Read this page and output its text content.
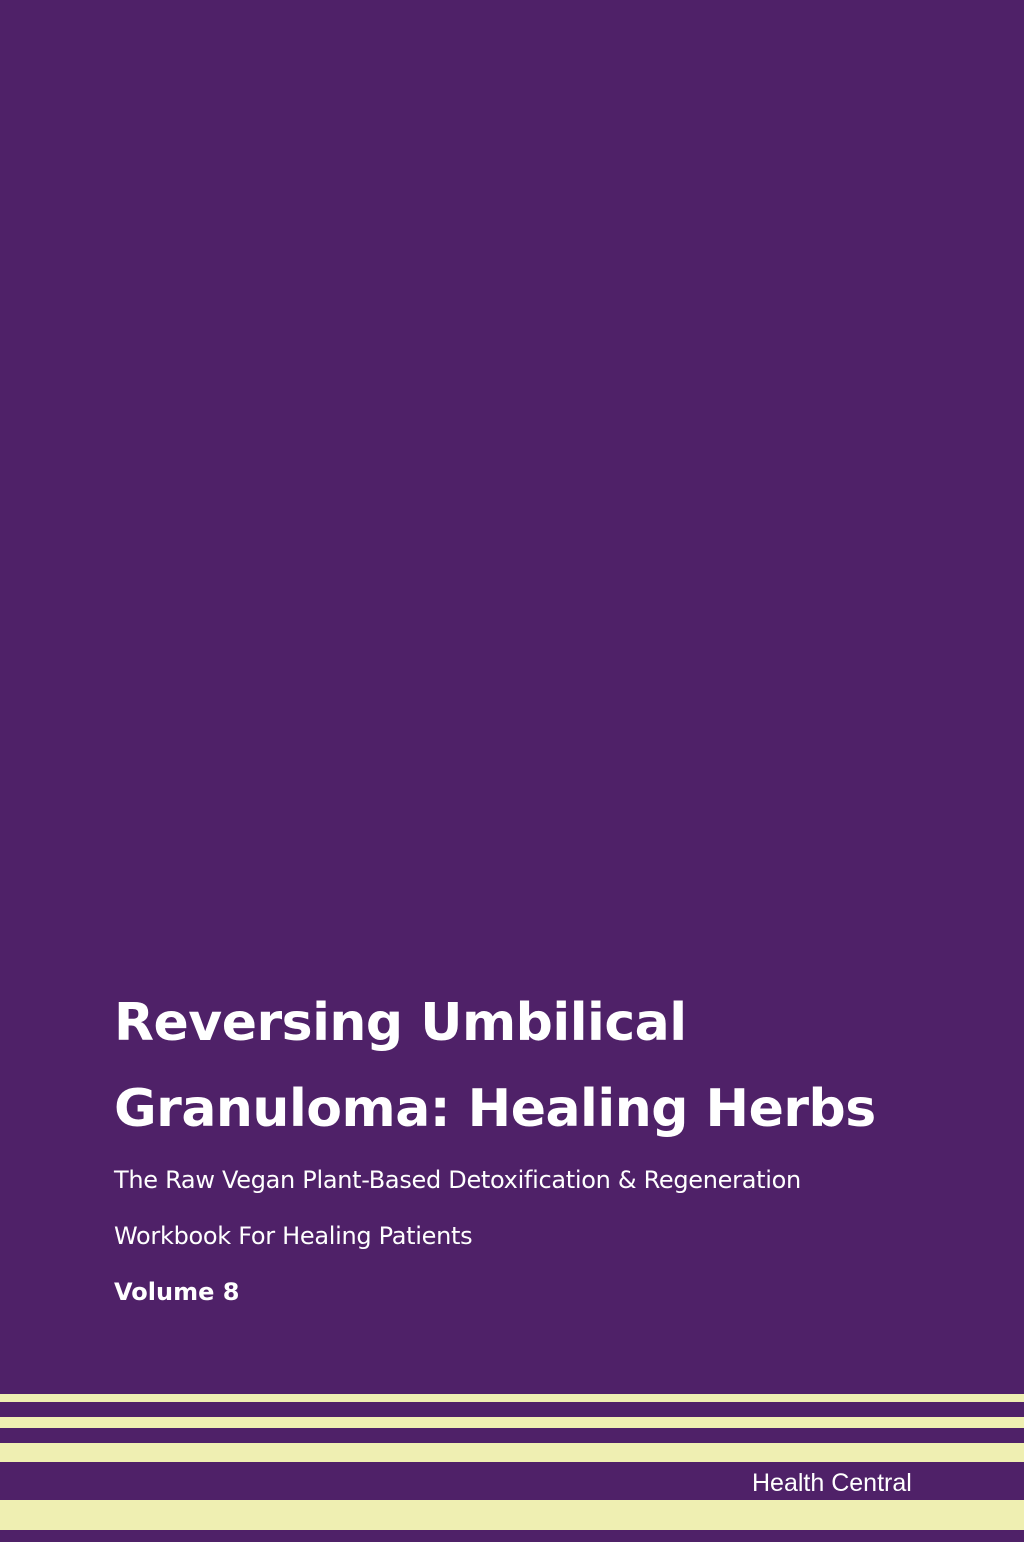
Reversing Umbilical
Granuloma: Healing Herbs
The Raw Vegan Plant-Based Detoxification & Regeneration
Workbook For Healing Patients
Volume 8
Health Central
